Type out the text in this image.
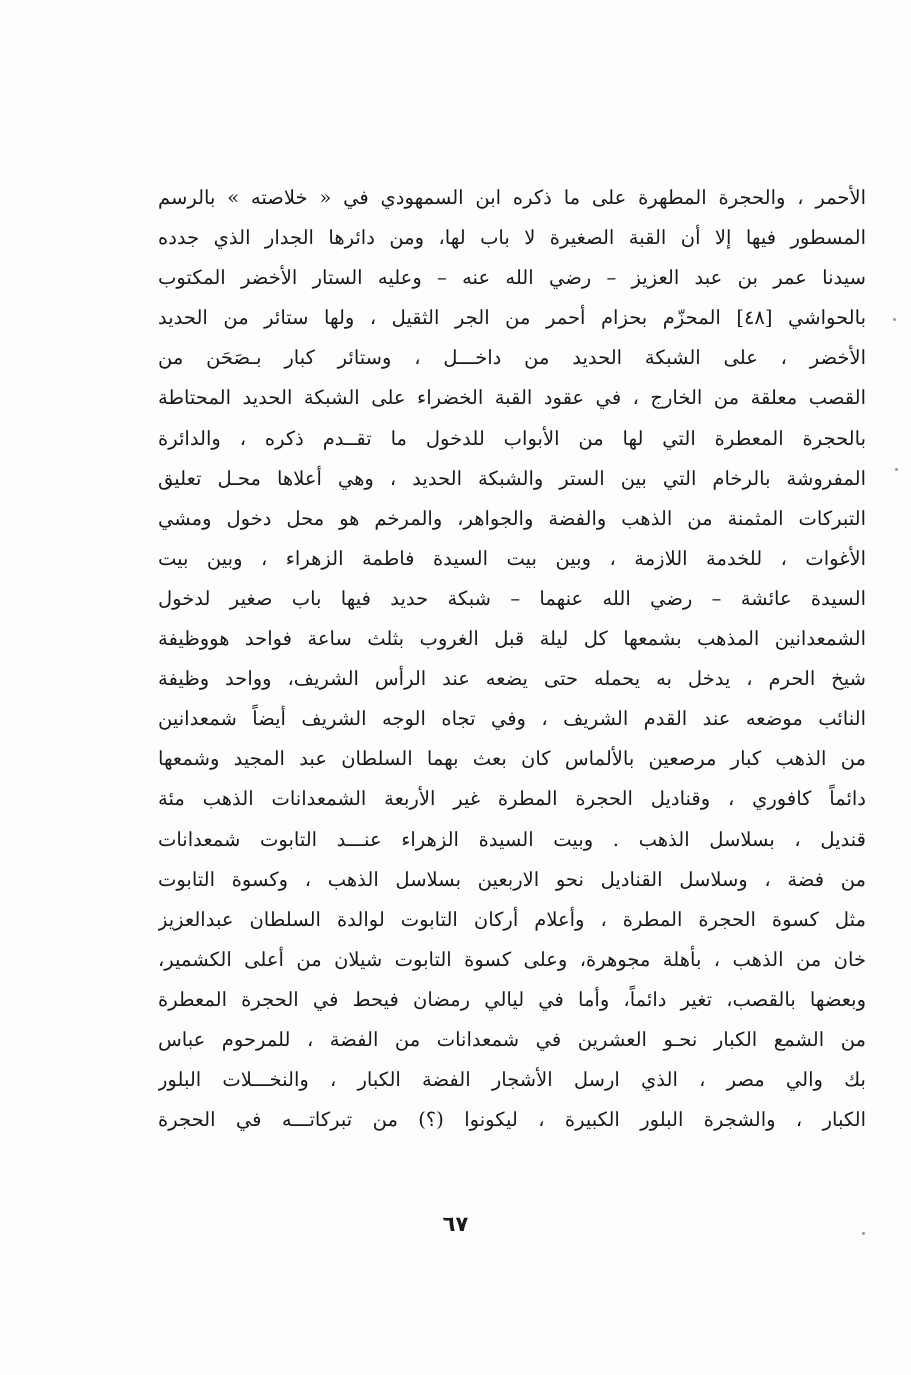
الأحمر ، والحجرة المطهرة على ما ذكره ابن السمهودي في « خلاصته » بالرسم
المسطور فيها إلا أن القبة الصغيرة لا باب لها، ومن دائرها الجدار الذي جدده
سيدنا عمر بن عبد العزيز – رضي الله عنه – وعليه الستار الأخضر المكتوب
بالحواشي [٤٨] المحزّم بحزام أحمر من الجر الثقيل ، ولها ستائر من الحديد
الأخضر ، على الشبكة الحديد من داخـــل ، وستائر كبار بـصَحَن من
القصب معلقة من الخارج ، في عقود القبة الخضراء على الشبكة الحديد المحتاطة
بالحجرة المعطرة التي لها من الأبواب للدخول ما تقــدم ذكره ، والدائرة
المفروشة بالرخام التي بين الستر والشبكة الحديد ، وهي أعلاها محـل تعليق
التبركات المثمنة من الذهب والفضة والجواهر، والمرخم هو محل دخول ومشي
الأغوات ، للخدمة اللازمة ، وبين بيت السيدة فاطمة الزهراء ، وبين بيت
السيدة عائشة – رضي الله عنهما – شبكة حديد فيها باب صغير لدخول
الشمعدانين المذهب بشمعها كل ليلة قبل الغروب بثلث ساعة فواحد هووظيفة
شيخ الحرم ، يدخل به يحمله حتى يضعه عند الرأس الشريف، وواحد وظيفة
النائب موضعه عند القدم الشريف ، وفي تجاه الوجه الشريف أيضاً شمعدانين
من الذهب كبار مرصعين بالألماس كان بعث بهما السلطان عبد المجيد وشمعها
دائماً كافوري ، وقناديل الحجرة المطرة غير الأربعة الشمعدانات الذهب مئة
قنديل ، بسلاسل الذهب . وبيت السيدة الزهراء عنـــد التابوت شمعدانات
من فضة ، وسلاسل القناديل نحو الاربعين بسلاسل الذهب ، وكسوة التابوت
مثل كسوة الحجرة المطرة ، وأعلام أركان التابوت لوالدة السلطان عبدالعزيز
خان من الذهب ، بأهلة مجوهرة، وعلى كسوة التابوت شيلان من أعلى الكشمير،
وبعضها بالقصب، تغير دائماً، وأما في ليالي رمضان فيحط في الحجرة المعطرة
من الشمع الكبار نحـو العشرين في شمعدانات من الفضة ، للمرحوم عباس
بك والي مصر ، الذي ارسل الأشجار الفضة الكبار ، والنخـــلات البلور
الكبار ، والشجرة البلور الكبيرة ، ليكونوا (؟) من تبركاتـــه في الحجرة
٦٧
